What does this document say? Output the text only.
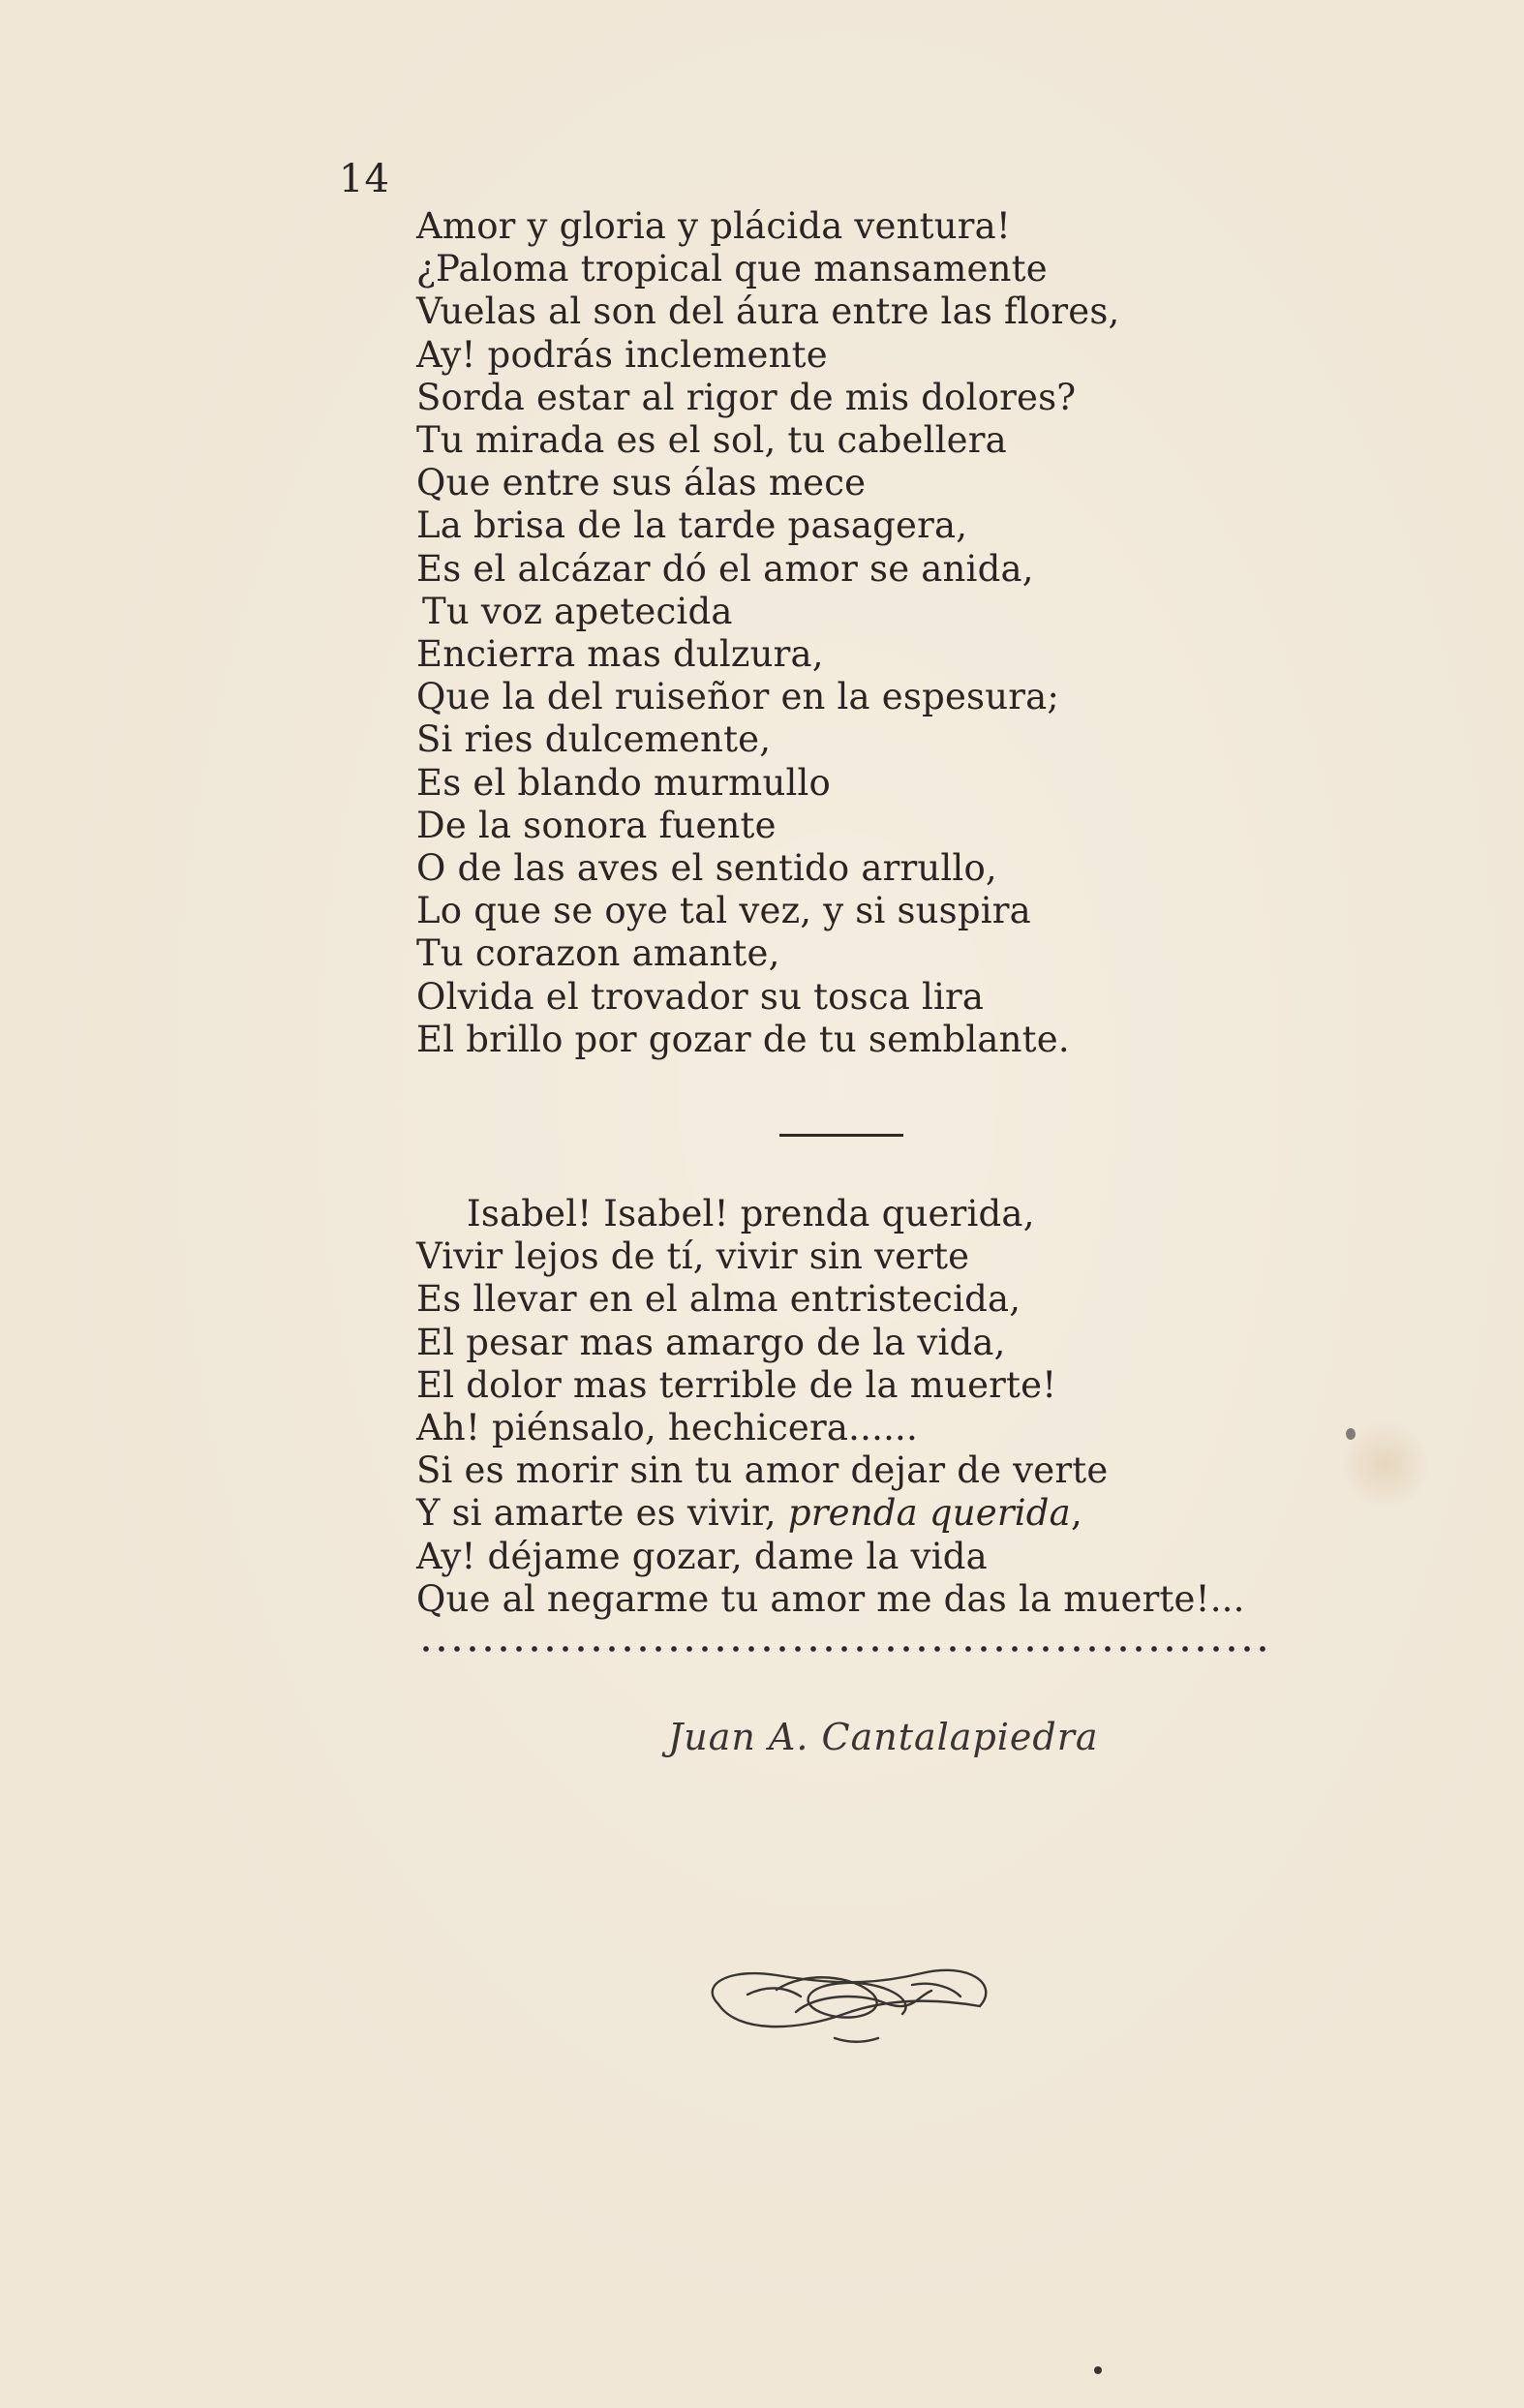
14
Amor y gloria y plácida ventura!
¿Paloma tropical que mansamente
Vuelas al son del áura entre las flores,
Ay! podrás inclemente
Sorda estar al rigor de mis dolores?
Tu mirada es el sol, tu cabellera
Que entre sus álas mece
La brisa de la tarde pasagera,
Es el alcázar dó el amor se anida,
Tu voz apetecida
Encierra mas dulzura,
Que la del ruiseñor en la espesura;
Si ries dulcemente,
Es el blando murmullo
De la sonora fuente
O de las aves el sentido arrullo,
Lo que se oye tal vez, y si suspira
Tu corazon amante,
Olvida el trovador su tosca lira
El brillo por gozar de tu semblante.
Isabel! Isabel! prenda querida,
Vivir lejos de tí, vivir sin verte
Es llevar en el alma entristecida,
El pesar mas amargo de la vida,
El dolor mas terrible de la muerte!
Ah! piénsalo, hechicera......
Si es morir sin tu amor dejar de verte
Y si amarte es vivir, prenda querida,
Ay! déjame gozar, dame la vida
Que al negarme tu amor me das la muerte!...
Juan A. Cantalapiedra
